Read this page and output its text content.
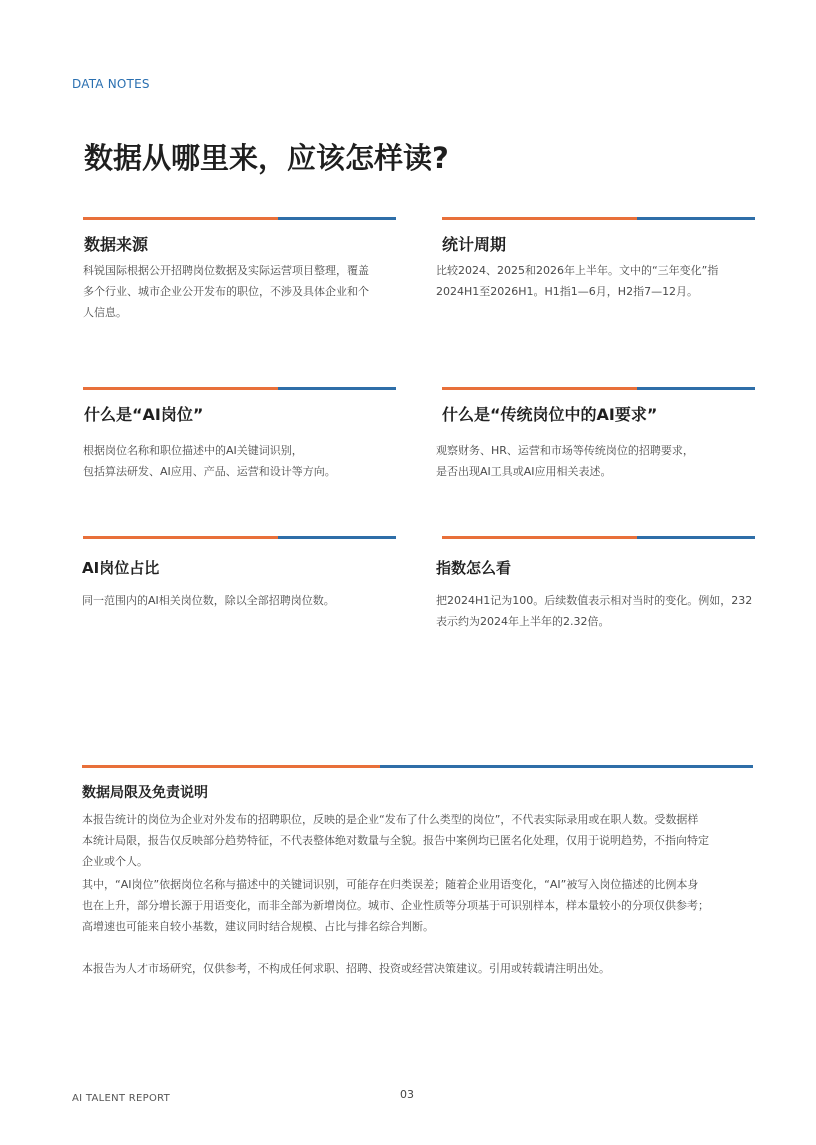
DATA NOTES
数据从哪里来，应该怎样读?
数据来源
科锐国际根据公开招聘岗位数据及实际运营项目整理，覆盖
多个行业、城市企业公开发布的职位，不涉及具体企业和个
人信息。
统计周期
比较2024、2025和2026年上半年。文中的“三年变化”指
2024H1至2026H1。H1指1—6月，H2指7—12月。
什么是“AI岗位”
根据岗位名称和职位描述中的AI关键词识别，
包括算法研发、AI应用、产品、运营和设计等方向。
什么是“传统岗位中的AI要求”
观察财务、HR、运营和市场等传统岗位的招聘要求，
是否出现AI工具或AI应用相关表述。
AI岗位占比
同一范围内的AI相关岗位数，除以全部招聘岗位数。
指数怎么看
把2024H1记为100。后续数值表示相对当时的变化。例如，232
表示约为2024年上半年的2.32倍。
数据局限及免责说明
本报告统计的岗位为企业对外发布的招聘职位，反映的是企业“发布了什么类型的岗位”，不代表实际录用或在职人数。受数据样
本统计局限，报告仅反映部分趋势特征，不代表整体绝对数量与全貌。报告中案例均已匿名化处理，仅用于说明趋势，不指向特定
企业或个人。
其中，“AI岗位”依据岗位名称与描述中的关键词识别，可能存在归类误差；随着企业用语变化，“AI”被写入岗位描述的比例本身
也在上升，部分增长源于用语变化，而非全部为新增岗位。城市、企业性质等分项基于可识别样本，样本量较小的分项仅供参考；
高增速也可能来自较小基数，建议同时结合规模、占比与排名综合判断。
本报告为人才市场研究，仅供参考，不构成任何求职、招聘、投资或经营决策建议。引用或转载请注明出处。
AI TALENT REPORT	03
